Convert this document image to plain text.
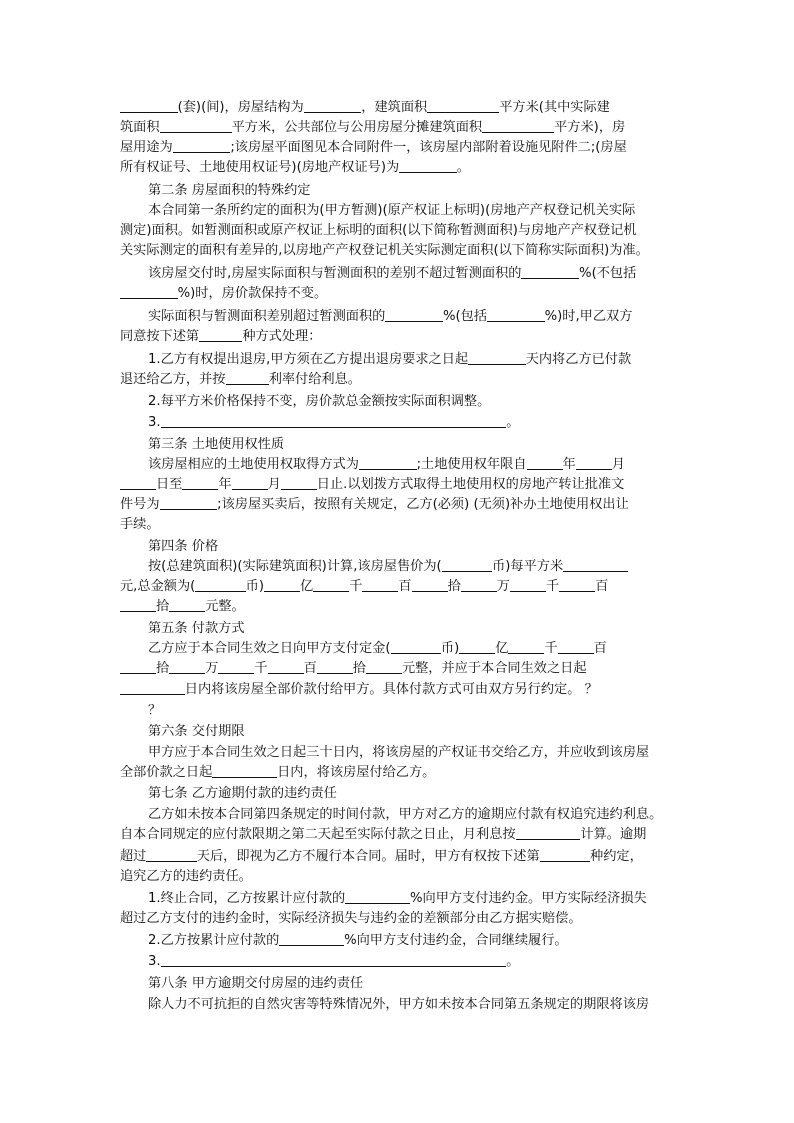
(套)(间)，房屋结构为	，建筑面积	平方米(其中实际建
筑面积	平方米，公共部位与公用房屋分摊建筑面积	平方米)，房
屋用途为	;该房屋平面图见本合同附件一，该房屋内部附着设施见附件二;(房屋
所有权证号、土地使用权证号)(房地产权证号)为	。
第二条 房屋面积的特殊约定
本合同第一条所约定的面积为(甲方暂测)(原产权证上标明)(房地产产权登记机关实际
测定)面积。如暂测面积或原产权证上标明的面积(以下简称暂测面积)与房地产产权登记机
关实际测定的面积有差异的,以房地产产权登记机关实际测定面积(以下简称实际面积)为准。
该房屋交付时,房屋实际面积与暂测面积的差别不超过暂测面积的	%(不包括
%)时，房价款保持不变。
实际面积与暂测面积差别超过暂测面积的	%(包括	%)时,甲乙双方
同意按下述第	种方式处理：
1.乙方有权提出退房,甲方须在乙方提出退房要求之日起	天内将乙方已付款
退还给乙方，并按	利率付给利息。
2.每平方米价格保持不变，房价款总金额按实际面积调整。
3.	。
第三条 土地使用权性质
该房屋相应的土地使用权取得方式为	;土地使用权年限自	年	月
日至	年	月	日止.以划拨方式取得土地使用权的房地产转让批准文
件号为	;该房屋买卖后，按照有关规定，乙方(必须) (无须)补办土地使用权出让
手续。
第四条 价格
按(总建筑面积)(实际建筑面积)计算,该房屋售价为(	币)每平方米
元,总金额为(	币)	亿	千	百	拾	万	千	百
拾	元整。
第五条 付款方式
乙方应于本合同生效之日向甲方支付定金(	币)	亿	千	百
拾	万	千	百	拾	元整，并应于本合同生效之日起
日内将该房屋全部价款付给甲方。具体付款方式可由双方另行约定。 ？
？
第六条 交付期限
甲方应于本合同生效之日起三十日内，将该房屋的产权证书交给乙方，并应收到该房屋
全部价款之日起	日内，将该房屋付给乙方。
第七条 乙方逾期付款的违约责任
乙方如未按本合同第四条规定的时间付款，甲方对乙方的逾期应付款有权追究违约利息。
自本合同规定的应付款限期之第二天起至实际付款之日止，月利息按	计算。逾期
超过	天后，即视为乙方不履行本合同。届时，甲方有权按下述第	种约定，
追究乙方的违约责任。
1.终止合同，乙方按累计应付款的	%向甲方支付违约金。甲方实际经济损失
超过乙方支付的违约金时，实际经济损失与违约金的差额部分由乙方据实赔偿。
2.乙方按累计应付款的	%向甲方支付违约金，合同继续履行。
3.	。
第八条 甲方逾期交付房屋的违约责任
除人力不可抗拒的自然灾害等特殊情况外，甲方如未按本合同第五条规定的期限将该房
